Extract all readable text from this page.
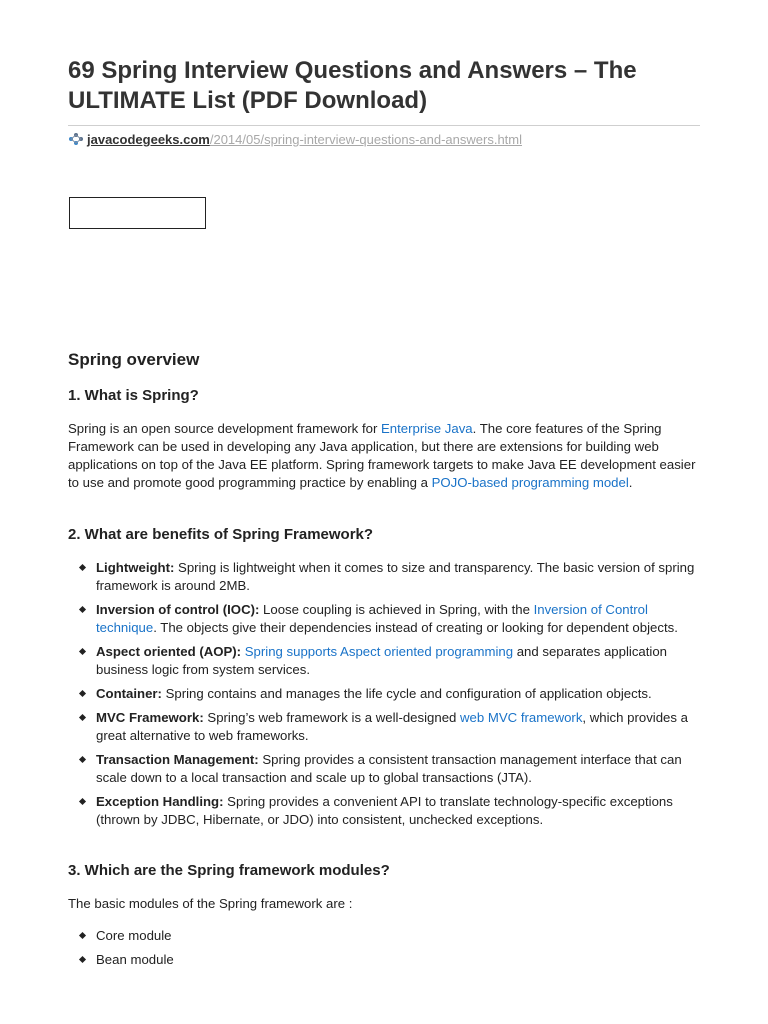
69 Spring Interview Questions and Answers – The ULTIMATE List (PDF Download)
javacodegeeks.com/2014/05/spring-interview-questions-and-answers.html
Spring overview
1. What is Spring?

Spring is an open source development framework for Enterprise Java. The core features of the Spring Framework can be used in developing any Java application, but there are extensions for building web applications on top of the Java EE platform. Spring framework targets to make Java EE development easier to use and promote good programming practice by enabling a POJO-based programming model.

2. What are benefits of Spring Framework?
Lightweight: Spring is lightweight when it comes to size and transparency. The basic version of spring framework is around 2MB.
Inversion of control (IOC): Loose coupling is achieved in Spring, with the Inversion of Control technique. The objects give their dependencies instead of creating or looking for dependent objects.
Aspect oriented (AOP): Spring supports Aspect oriented programming and separates application business logic from system services.
Container: Spring contains and manages the life cycle and configuration of application objects.
MVC Framework: Spring’s web framework is a well-designed web MVC framework, which provides a great alternative to web frameworks.
Transaction Management: Spring provides a consistent transaction management interface that can scale down to a local transaction and scale up to global transactions (JTA).
Exception Handling: Spring provides a convenient API to translate technology-specific exceptions (thrown by JDBC, Hibernate, or JDO) into consistent, unchecked exceptions.
3. Which are the Spring framework modules?

The basic modules of the Spring framework are :

Core module
Bean module
